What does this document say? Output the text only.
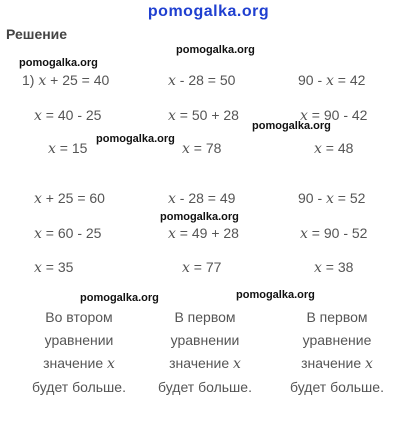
pomogalka.org
Решение
pomogalka.org
pomogalka.org
pomogalka.org
pomogalka.org
pomogalka.org
pomogalka.org
pomogalka.org
1) x + 25 = 40	x - 28 = 50	90 - x = 42
x = 40 - 25	x = 50 + 28	x = 90 - 42
x = 15	x = 78	x = 48
x + 25 = 60	x - 28 = 49	90 - x = 52
x = 60 - 25	x = 49 + 28	x = 90 - 52
x = 35	x = 77	x = 38
Во втором
уравнении
значение x
будет больше.
В первом
уравнении
значение x
будет больше.
В первом
уравнение
значение x
будет больше.
